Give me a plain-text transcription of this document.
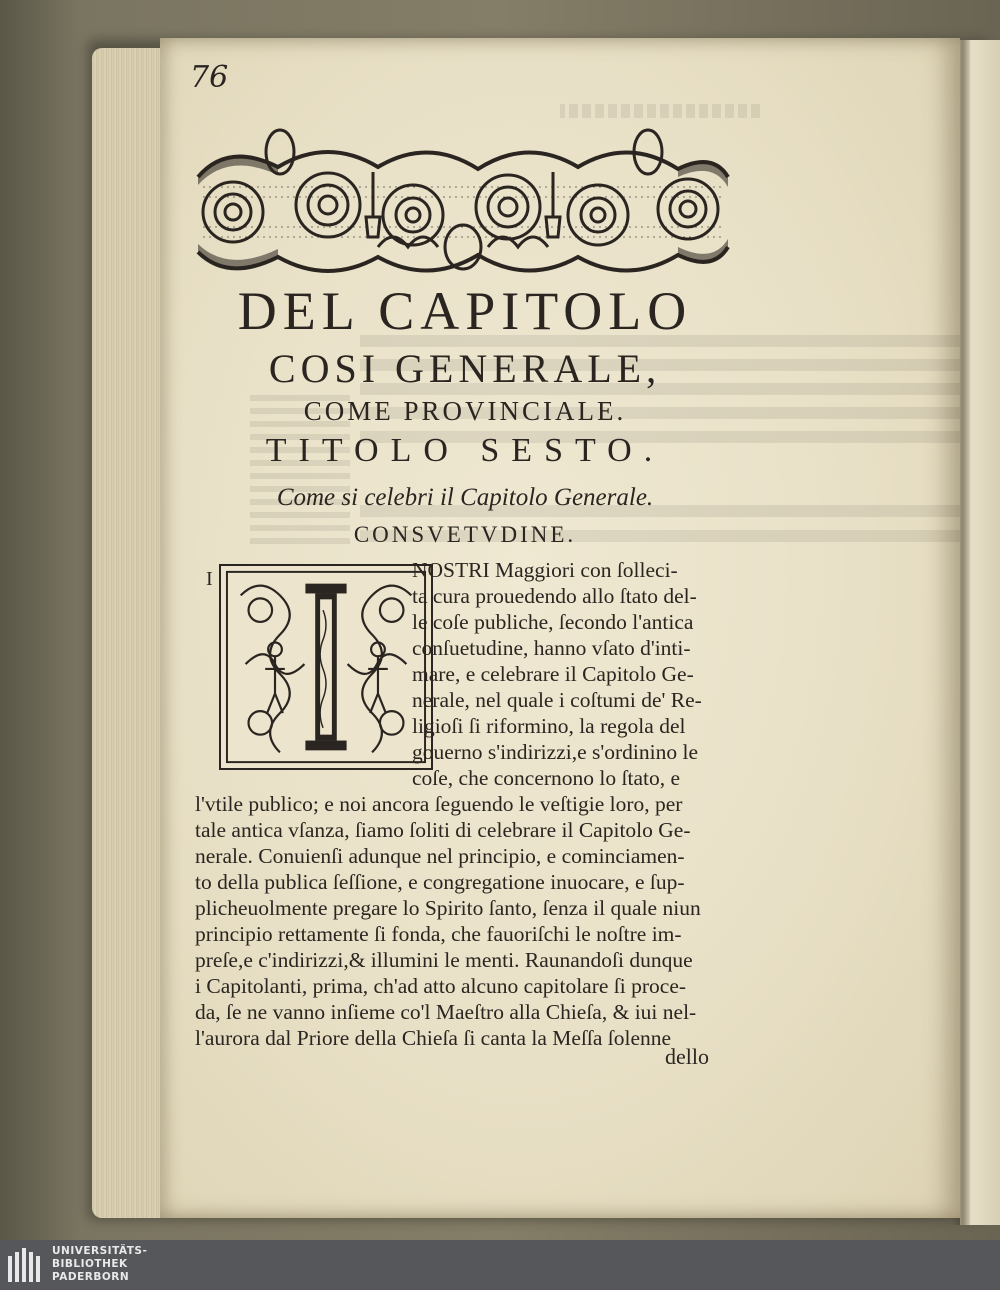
76
DEL CAPITOLO
COSI GENERALE,
COME PROVINCIALE.
TITOLO SESTO.
Come si celebri il Capitolo Generale.
CONSVETVDINE.
I	NOSTRI Maggiori con ſolleci-
ta cura prouedendo allo ſtato del-
le coſe publiche, ſecondo l'antica
conſuetudine, hanno vſato d'inti-
mare, e celebrare il Capitolo Ge-
nerale, nel quale i coſtumi de' Re-
ligioſi ſi riformino, la regola del
gouerno s'indirizzi,e s'ordinino le
coſe, che concernono lo ſtato, e
l'vtile publico; e noi ancora ſeguendo le veſtigie loro, per
tale antica vſanza, ſiamo ſoliti di celebrare il Capitolo Ge-
nerale. Conuienſi adunque nel principio, e cominciamen-
to della publica ſeſſione, e congregatione inuocare, e ſup-
plicheuolmente pregare lo Spirito ſanto, ſenza il quale niun
principio rettamente ſi fonda, che fauoriſchi le noſtre im-
preſe,e c'indirizzi,& illumini le menti. Raunandoſi dunque
i Capitolanti, prima, ch'ad atto alcuno capitolare ſi proce-
da, ſe ne vanno inſieme co'l Maeſtro alla Chieſa, & iui nel-
l'aurora dal Priore della Chieſa ſi canta la Meſſa ſolenne
dello
UNIVERSITÄTS-
BIBLIOTHEK
PADERBORN
